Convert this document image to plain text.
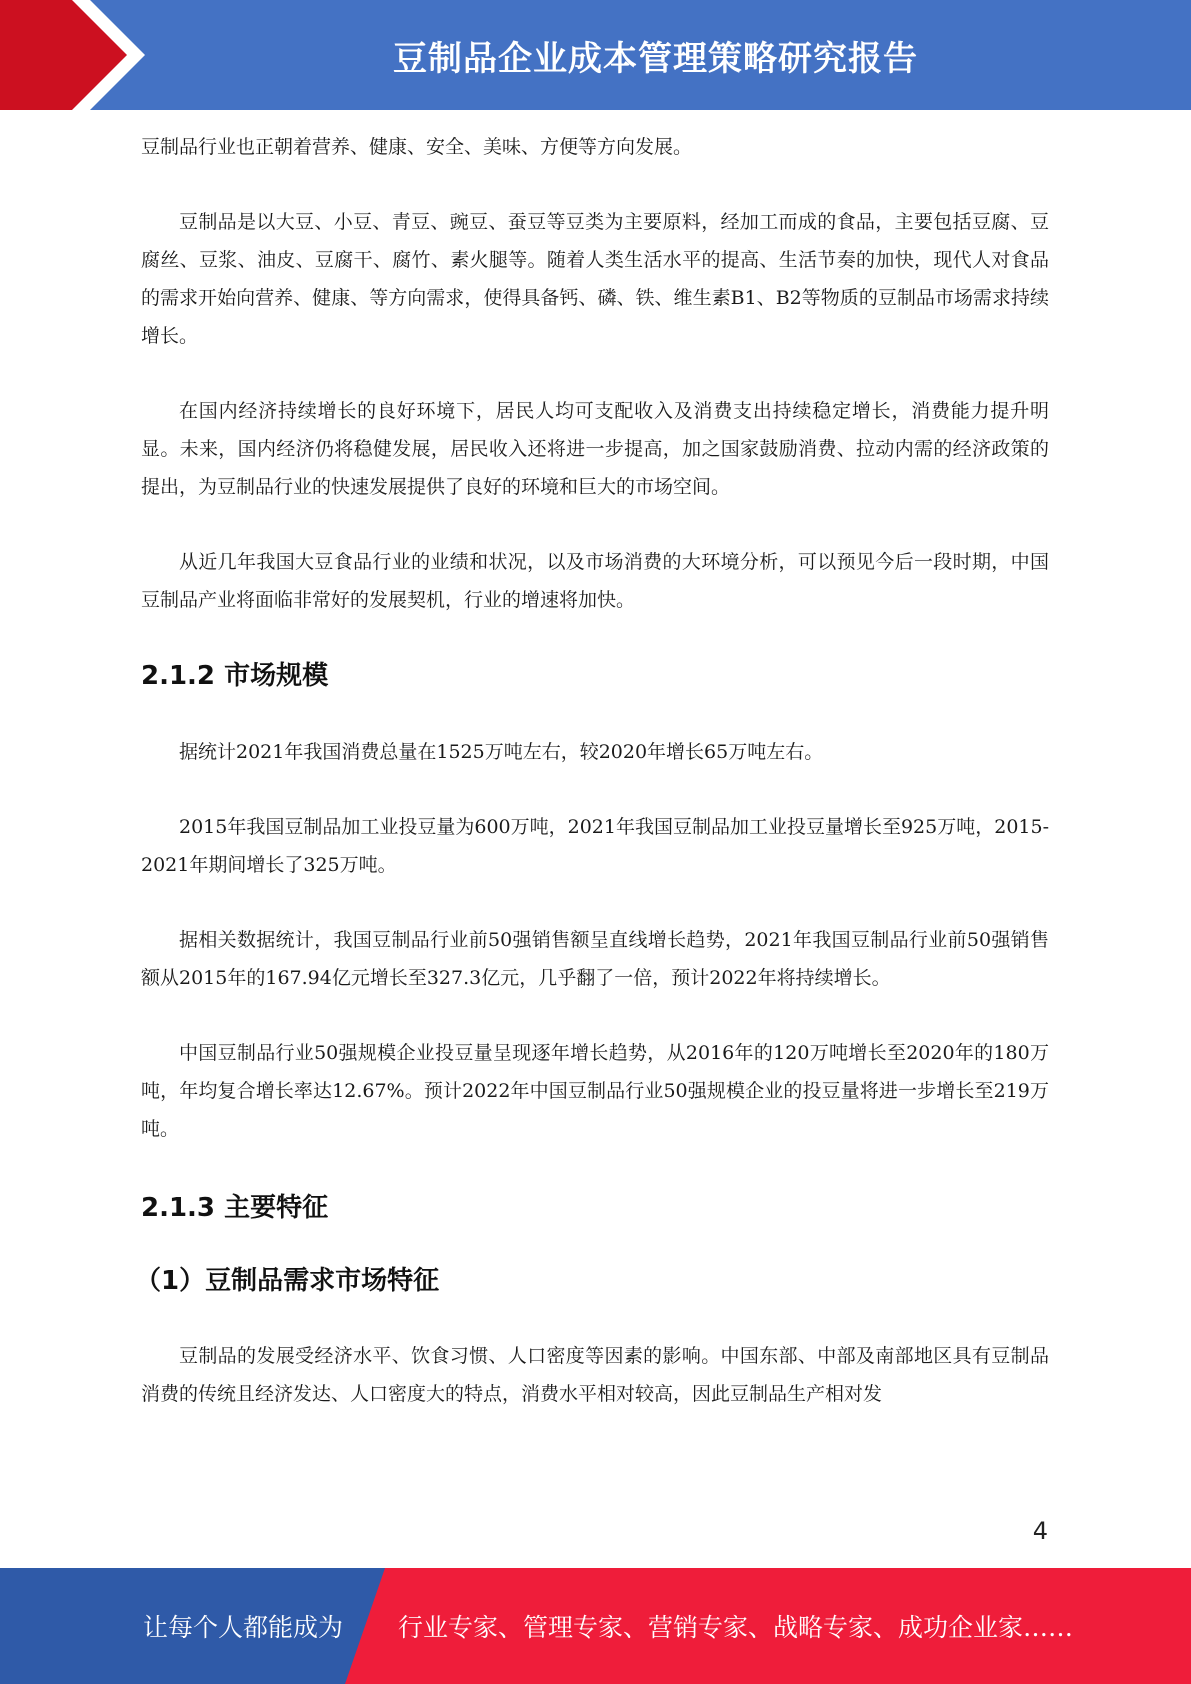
豆制品企业成本管理策略研究报告

豆制品行业也正朝着营养、健康、安全、美味、方便等方向发展。

豆制品是以大豆、小豆、青豆、豌豆、蚕豆等豆类为主要原料，经加工而成的食品，主要包括豆腐、豆腐丝、豆浆、油皮、豆腐干、腐竹、素火腿等。随着人类生活水平的提高、生活节奏的加快，现代人对食品的需求开始向营养、健康、等方向需求，使得具备钙、磷、铁、维生素B1、B2等物质的豆制品市场需求持续增长。

在国内经济持续增长的良好环境下，居民人均可支配收入及消费支出持续稳定增长，消费能力提升明显。未来，国内经济仍将稳健发展，居民收入还将进一步提高，加之国家鼓励消费、拉动内需的经济政策的提出，为豆制品行业的快速发展提供了良好的环境和巨大的市场空间。

从近几年我国大豆食品行业的业绩和状况，以及市场消费的大环境分析，可以预见今后一段时期，中国豆制品产业将面临非常好的发展契机，行业的增速将加快。

2.1.2 市场规模

据统计2021年我国消费总量在1525万吨左右，较2020年增长65万吨左右。

2015年我国豆制品加工业投豆量为600万吨，2021年我国豆制品加工业投豆量增长至925万吨，2015-2021年期间增长了325万吨。

据相关数据统计，我国豆制品行业前50强销售额呈直线增长趋势，2021年我国豆制品行业前50强销售额从2015年的167.94亿元增长至327.3亿元，几乎翻了一倍，预计2022年将持续增长。

中国豆制品行业50强规模企业投豆量呈现逐年增长趋势，从2016年的120万吨增长至2020年的180万吨，年均复合增长率达12.67%。预计2022年中国豆制品行业50强规模企业的投豆量将进一步增长至219万吨。

2.1.3 主要特征
（1）豆制品需求市场特征

豆制品的发展受经济水平、饮食习惯、人口密度等因素的影响。中国东部、中部及南部地区具有豆制品消费的传统且经济发达、人口密度大的特点，消费水平相对较高，因此豆制品生产相对发

4
让每个人都能成为 行业专家、管理专家、营销专家、战略专家、成功企业家……
